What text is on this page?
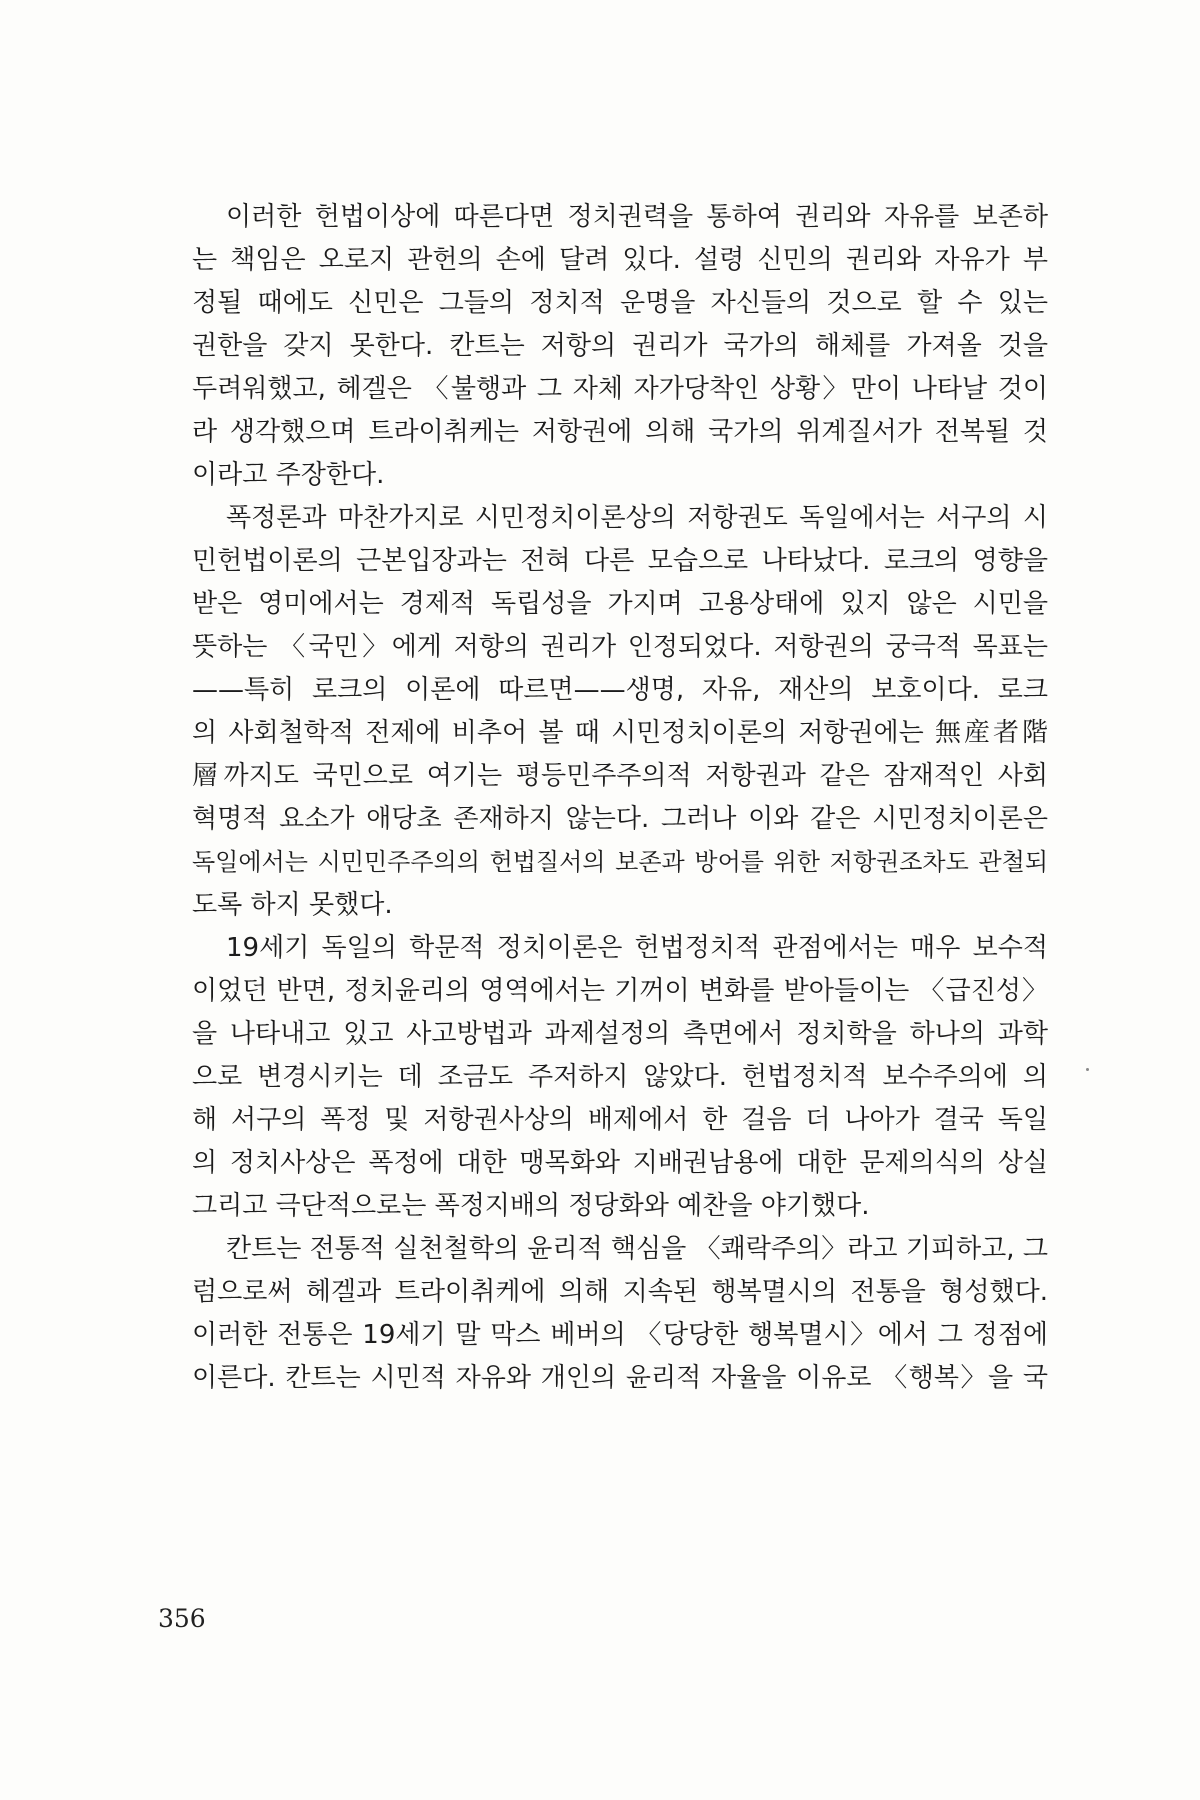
이러한 헌법이상에 따른다면 정치권력을 통하여 권리와 자유를 보존하
는 책임은 오로지 관헌의 손에 달려 있다. 설령 신민의 권리와 자유가 부
정될 때에도 신민은 그들의 정치적 운명을 자신들의 것으로 할 수 있는
권한을 갖지 못한다. 칸트는 저항의 권리가 국가의 해체를 가져올 것을
두려워했고, 헤겔은 〈불행과 그 자체 자가당착인 상황〉만이 나타날 것이
라 생각했으며 트라이취케는 저항권에 의해 국가의 위계질서가 전복될 것
이라고 주장한다.
폭정론과 마찬가지로 시민정치이론상의 저항권도 독일에서는 서구의 시
민헌법이론의 근본입장과는 전혀 다른 모습으로 나타났다. 로크의 영향을
받은 영미에서는 경제적 독립성을 가지며 고용상태에 있지 않은 시민을
뜻하는 〈국민〉에게 저항의 권리가 인정되었다. 저항권의 궁극적 목표는
——특히 로크의 이론에 따르면——생명, 자유, 재산의 보호이다. 로크
의 사회철학적 전제에 비추어 볼 때 시민정치이론의 저항권에는 無産者階
層까지도 국민으로 여기는 평등민주주의적 저항권과 같은 잠재적인 사회
혁명적 요소가 애당초 존재하지 않는다. 그러나 이와 같은 시민정치이론은
독일에서는 시민민주주의의 헌법질서의 보존과 방어를 위한 저항권조차도 관철되
도록 하지 못했다.
19세기 독일의 학문적 정치이론은 헌법정치적 관점에서는 매우 보수적
이었던 반면, 정치윤리의 영역에서는 기꺼이 변화를 받아들이는 〈급진성〉
을 나타내고 있고 사고방법과 과제설정의 측면에서 정치학을 하나의 과학
으로 변경시키는 데 조금도 주저하지 않았다. 헌법정치적 보수주의에 의
해 서구의 폭정 및 저항권사상의 배제에서 한 걸음 더 나아가 결국 독일
의 정치사상은 폭정에 대한 맹목화와 지배권남용에 대한 문제의식의 상실
그리고 극단적으로는 폭정지배의 정당화와 예찬을 야기했다.
칸트는 전통적 실천철학의 윤리적 핵심을 〈쾌락주의〉라고 기피하고, 그
럼으로써 헤겔과 트라이취케에 의해 지속된 행복멸시의 전통을 형성했다.
이러한 전통은 19세기 말 막스 베버의 〈당당한 행복멸시〉에서 그 정점에
이른다. 칸트는 시민적 자유와 개인의 윤리적 자율을 이유로 〈행복〉을 국
356
